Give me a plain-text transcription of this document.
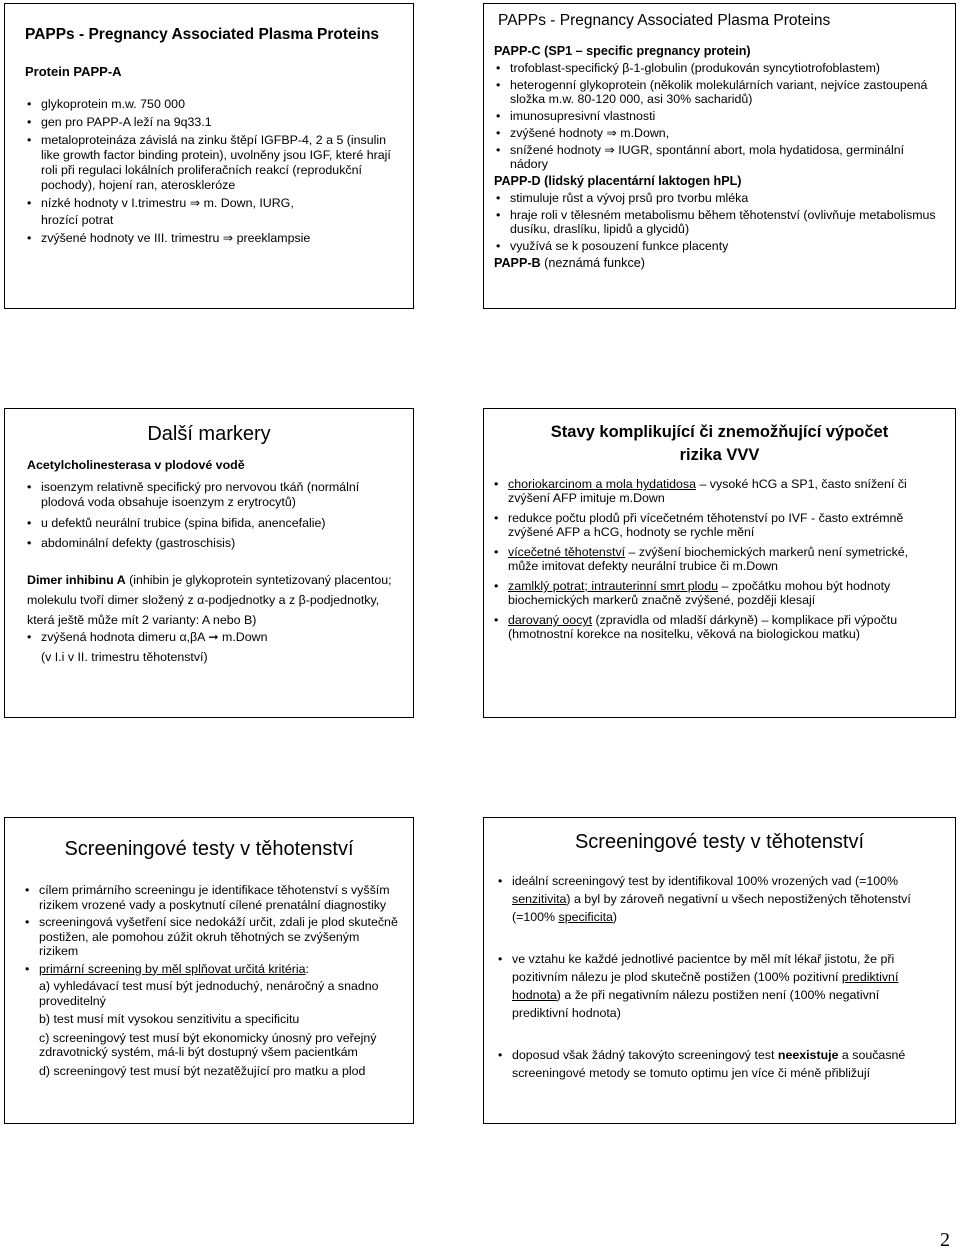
PAPPs - Pregnancy Associated Plasma Proteins
Protein PAPP-A
• glykoprotein m.w. 750 000
• gen pro PAPP-A leží na 9q33.1
• metaloproteináza závislá na zinku štěpí IGFBP-4, 2 a 5 (insulin like growth factor binding protein), uvolněny jsou IGF, které hrají roli při regulaci lokálních proliferačních reakcí (reprodukční pochody), hojení ran, ateroskleróze
• nízké hodnoty v I.trimestru ⇒ m. Down, IURG,
hrozící potrat
• zvýšené hodnoty ve III. trimestru ⇒ preeklampsie
PAPPs - Pregnancy Associated Plasma Proteins
PAPP-C (SP1 – specific pregnancy protein)
• trofoblast-specifický β-1-globulin (produkován syncytiotrofoblastem)
• heterogenní glykoprotein (několik molekulárních variant, nejvíce zastoupená složka m.w. 80-120 000, asi 30% sacharidů)
• imunosupresivní vlastnosti
• zvýšené hodnoty ⇒ m.Down,
• snížené hodnoty ⇒ IUGR, spontánní abort, mola hydatidosa, germinální nádory
PAPP-D (lidský placentární laktogen hPL)
• stimuluje růst a vývoj prsů pro tvorbu mléka
• hraje roli v tělesném metabolismu během těhotenství (ovlivňuje metabolismus dusíku, draslíku, lipidů a glycidů)
• využívá se k posouzení funkce placenty
PAPP-B (neznámá funkce)
Další markery
Acetylcholinesterasa v plodové vodě
• isoenzym relativně specifický pro nervovou tkáň (normální plodová voda obsahuje isoenzym z erytrocytů)
• u defektů neurální trubice (spina bifida, anencefalie)
• abdominální defekty (gastroschisis)
Dimer inhibinu A (inhibin je glykoprotein syntetizovaný placentou; molekulu tvoří dimer složený z α-podjednotky a z β-podjednotky, která ještě může mít 2 varianty: A nebo B)
• zvýšená hodnota dimeru α,βA ➞ m.Down
(v I.i v II. trimestru těhotenství)
Stavy komplikující či znemožňující výpočet rizika VVV
• choriokarcinom a mola hydatidosa – vysoké hCG a SP1, často snížení či zvýšení AFP imituje m.Down
• redukce počtu plodů při vícečetném těhotenství po IVF - často extrémně zvýšené AFP a hCG, hodnoty se rychle mění
• vícečetné těhotenství – zvýšení biochemických markerů není symetrické, může imitovat defekty neurální trubice či m.Down
• zamlklý potrat; intrauterinní smrt plodu – zpočátku mohou být hodnoty biochemických markerů značně zvýšené, později klesají
• darovaný oocyt (zpravidla od mladší dárkyně) – komplikace při výpočtu (hmotnostní korekce na nositelku, věková na biologickou matku)
Screeningové testy v těhotenství
• cílem primárního screeningu je identifikace těhotenství s vyšším rizikem vrozené vady a poskytnutí cílené prenatální diagnostiky
• screeningová vyšetření sice nedokáží určit, zdali je plod skutečně postižen, ale pomohou zúžit okruh těhotných se zvýšeným rizikem
• primární screening by měl splňovat určitá kritéria:
a) vyhledávací test musí být jednoduchý, nenáročný a snadno proveditelný
b) test musí mít vysokou senzitivitu a specificitu
c) screeningový test musí být ekonomicky únosný pro veřejný zdravotnický systém, má-li být dostupný všem pacientkám
d) screeningový test musí být nezatěžující pro matku a plod
Screeningové testy v těhotenství
• ideální screeningový test by identifikoval 100% vrozených vad (=100% senzitivita) a byl by zároveň negativní u všech nepostižených těhotenství (=100% specificita)
• ve vztahu ke každé jednotlivé pacientce by měl mít lékař jistotu, že při pozitivním nálezu je plod skutečně postižen (100% pozitivní prediktivní hodnota) a že při negativním nálezu postižen není (100% negativní prediktivní hodnota)
• doposud však žádný takovýto screeningový test neexistuje a současné screeningové metody se tomuto optimu jen více či méně přibližují
2
